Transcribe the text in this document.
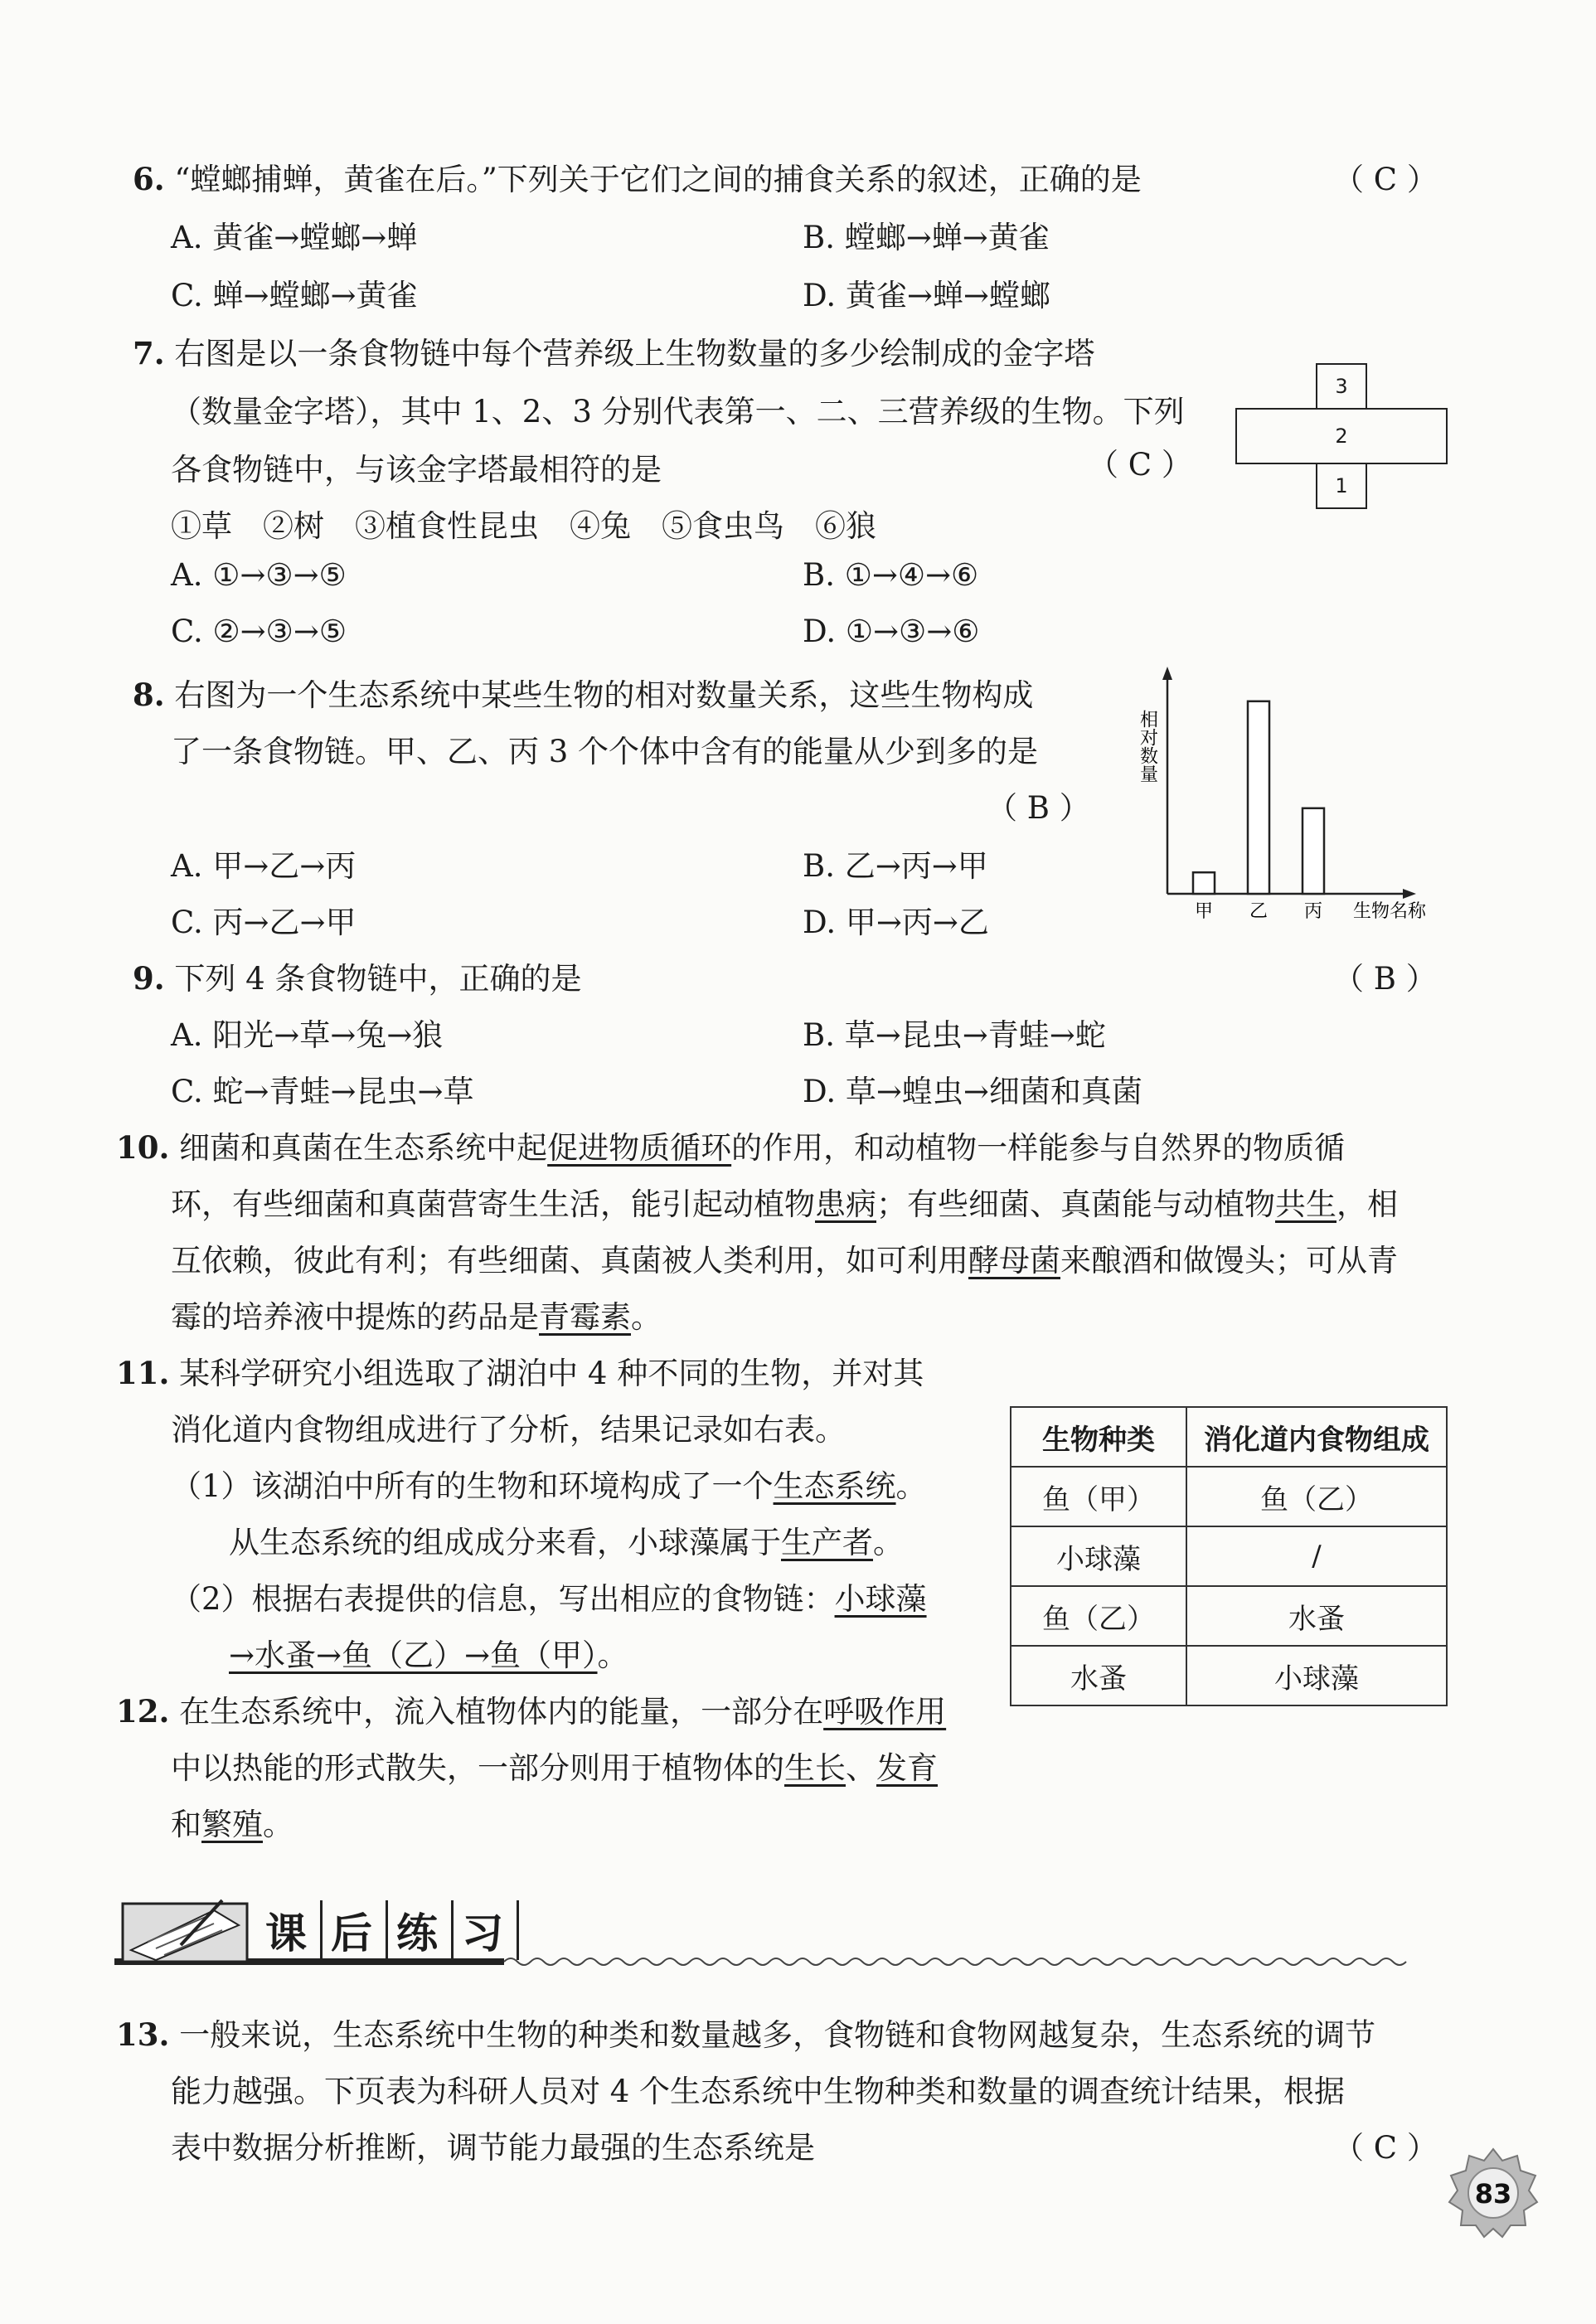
6. “螳螂捕蝉，黄雀在后。”下列关于它们之间的捕食关系的叙述，正确的是	（ C ）
A. 黄雀→螳螂→蝉	B. 螳螂→蝉→黄雀
C. 蝉→螳螂→黄雀	D. 黄雀→蝉→螳螂
7. 右图是以一条食物链中每个营养级上生物数量的多少绘制成的金字塔
（数量金字塔），其中 1、2、3 分别代表第一、二、三营养级的生物。下列
各食物链中，与该金字塔最相符的是	（ C ）
①草　②树　③植食性昆虫　④兔　⑤食虫鸟　⑥狼
A. ①→③→⑤	B. ①→④→⑥
C. ②→③→⑤	D. ①→③→⑥
3
2
1
8. 右图为一个生态系统中某些生物的相对数量关系，这些生物构成
了一条食物链。甲、乙、丙 3 个个体中含有的能量从少到多的是
（ B ）
A. 甲→乙→丙	B. 乙→丙→甲
C. 丙→乙→甲	D. 甲→丙→乙
相对数量
甲 乙 丙 生物名称
9. 下列 4 条食物链中，正确的是	（ B ）
A. 阳光→草→兔→狼	B. 草→昆虫→青蛙→蛇
C. 蛇→青蛙→昆虫→草	D. 草→蝗虫→细菌和真菌
10. 细菌和真菌在生态系统中起促进物质循环的作用，和动植物一样能参与自然界的物质循
环，有些细菌和真菌营寄生生活，能引起动植物患病；有些细菌、真菌能与动植物共生，相
互依赖，彼此有利；有些细菌、真菌被人类利用，如可利用酵母菌来酿酒和做馒头；可从青
霉的培养液中提炼的药品是青霉素。
11. 某科学研究小组选取了湖泊中 4 种不同的生物，并对其
消化道内食物组成进行了分析，结果记录如右表。
（1）该湖泊中所有的生物和环境构成了一个生态系统。
从生态系统的组成成分来看，小球藻属于生产者。
（2）根据右表提供的信息，写出相应的食物链：小球藻
→水蚤→鱼（乙）→鱼（甲）。
生物种类	消化道内食物组成
鱼（甲）	鱼（乙）
小球藻	/
鱼（乙）	水蚤
水蚤	小球藻
12. 在生态系统中，流入植物体内的能量，一部分在呼吸作用
中以热能的形式散失，一部分则用于植物体的生长、发育
和繁殖。
课 后 练 习
13. 一般来说，生态系统中生物的种类和数量越多，食物链和食物网越复杂，生态系统的调节
能力越强。下页表为科研人员对 4 个生态系统中生物种类和数量的调查统计结果，根据
表中数据分析推断，调节能力最强的生态系统是	（ C ）
83
